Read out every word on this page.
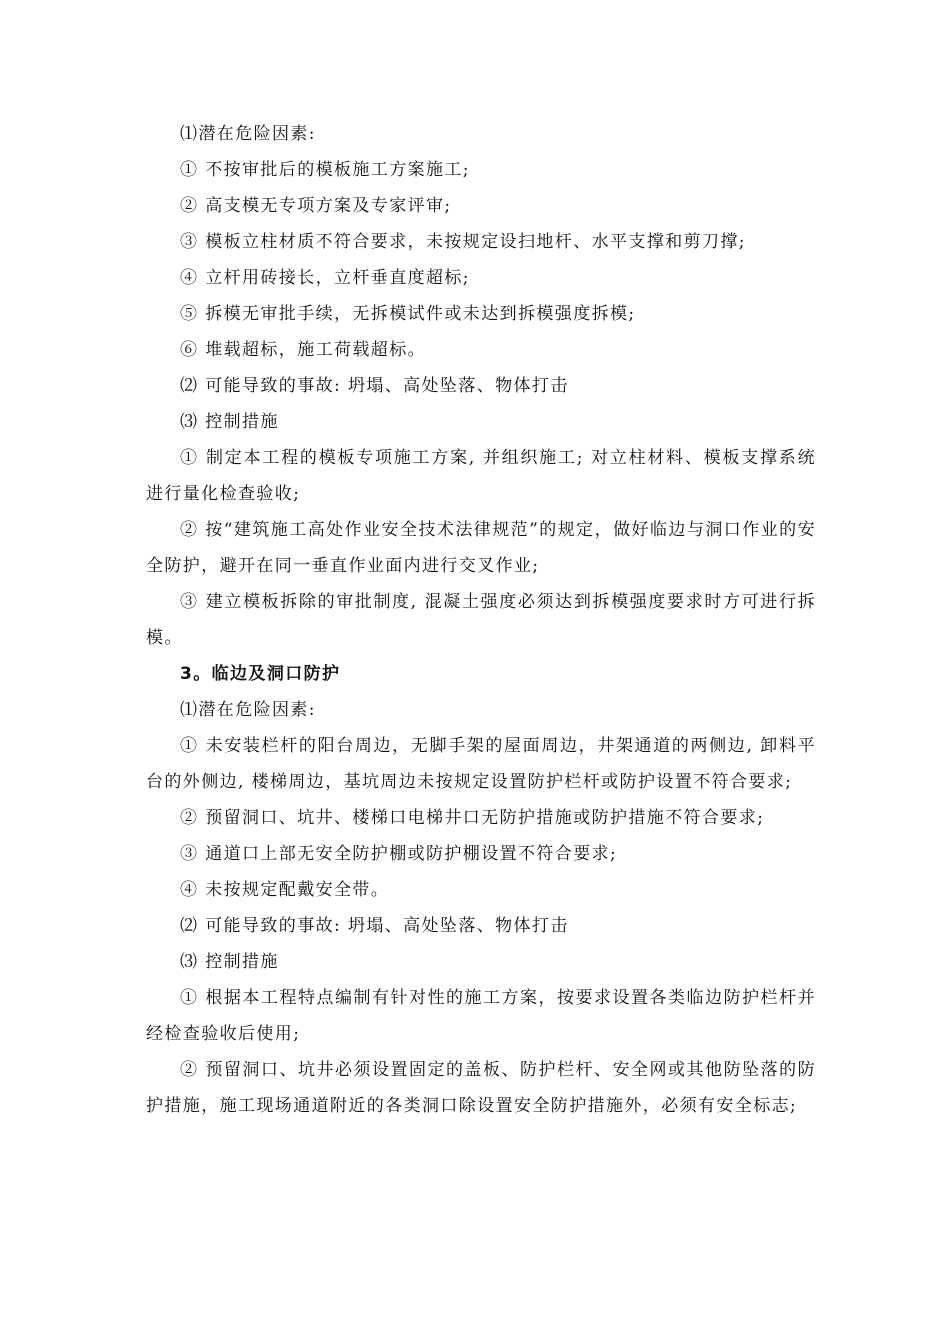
⑴潜在危险因素:

① 不按审批后的模板施工方案施工;

② 高支模无专项方案及专家评审;

③ 模板立柱材质不符合要求，未按规定设扫地杆、水平支撑和剪刀撑;

④ 立杆用砖接长，立杆垂直度超标;

⑤ 拆模无审批手续，无拆模试件或未达到拆模强度拆模;

⑥ 堆载超标，施工荷载超标。

⑵ 可能导致的事故: 坍塌、高处坠落、物体打击

⑶ 控制措施

① 制定本工程的模板专项施工方案, 并组织施工; 对立柱材料、模板支撑系统进行量化检查验收;

② 按“建筑施工高处作业安全技术法律规范”的规定，做好临边与洞口作业的安全防护，避开在同一垂直作业面内进行交叉作业;

③ 建立模板拆除的审批制度, 混凝土强度必须达到拆模强度要求时方可进行拆模。

3。临边及洞口防护

⑴潜在危险因素:

① 未安装栏杆的阳台周边，无脚手架的屋面周边，井架通道的两侧边, 卸料平台的外侧边, 楼梯周边，基坑周边未按规定设置防护栏杆或防护设置不符合要求;

② 预留洞口、坑井、楼梯口电梯井口无防护措施或防护措施不符合要求;

③ 通道口上部无安全防护棚或防护棚设置不符合要求;

④ 未按规定配戴安全带。

⑵ 可能导致的事故: 坍塌、高处坠落、物体打击

⑶ 控制措施

① 根据本工程特点编制有针对性的施工方案，按要求设置各类临边防护栏杆并经检查验收后使用;

② 预留洞口、坑井必须设置固定的盖板、防护栏杆、安全网或其他防坠落的防护措施，施工现场通道附近的各类洞口除设置安全防护措施外，必须有安全标志;
